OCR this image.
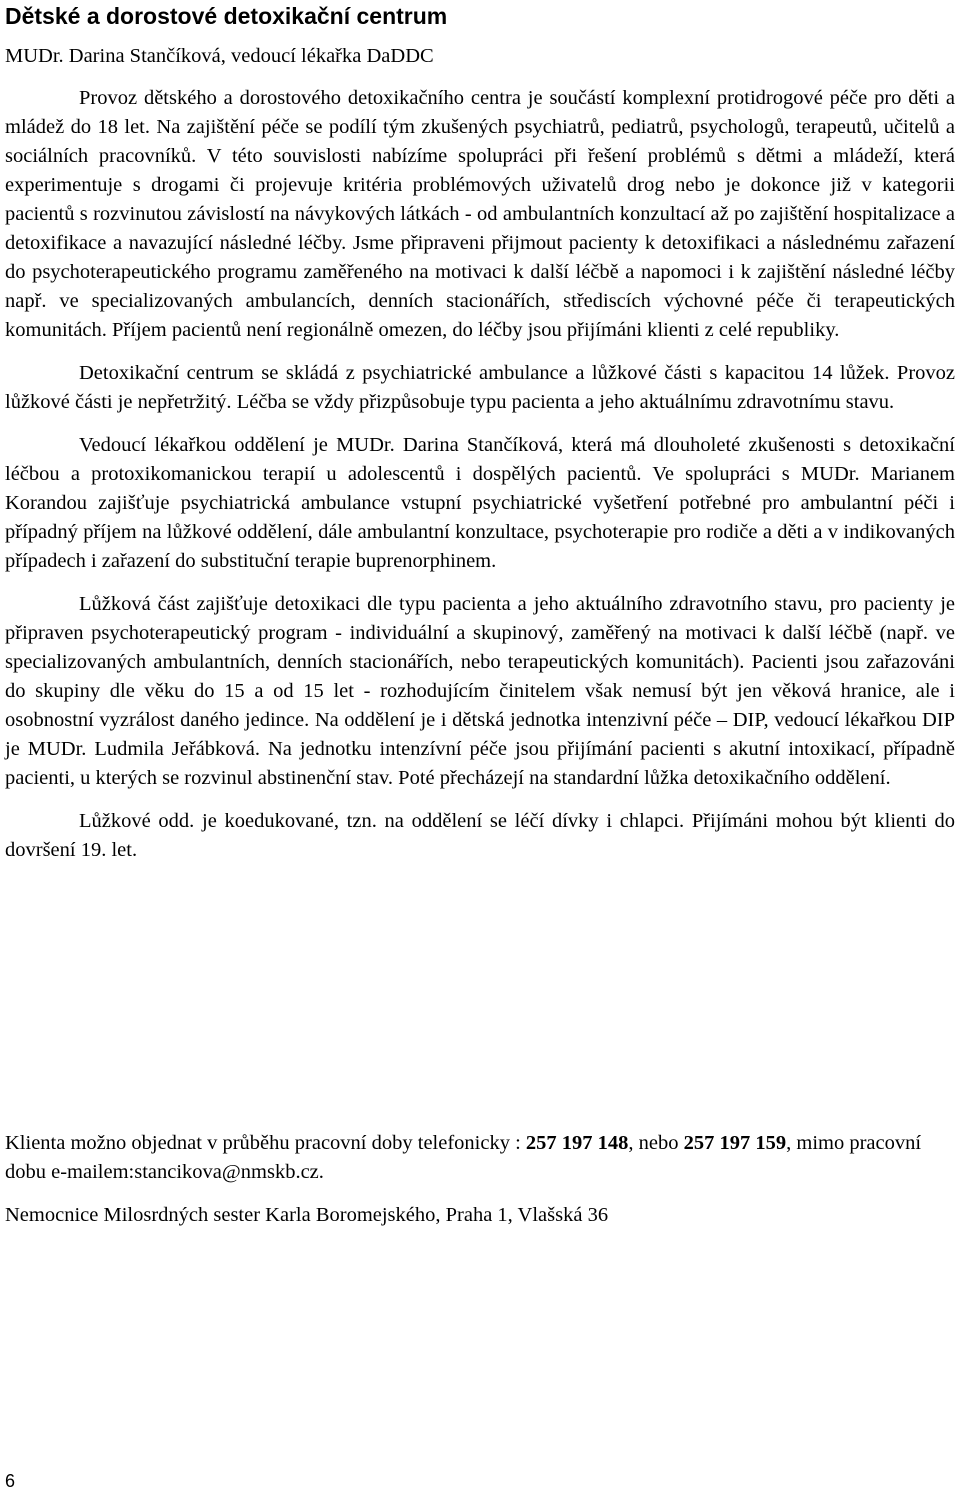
Dětské a dorostové detoxikační centrum

MUDr. Darina Stančíková, vedoucí lékařka DaDDC

Provoz dětského a dorostového detoxikačního centra je součástí komplexní protidrogové péče pro děti a mládež do 18 let. Na zajištění péče se podílí tým zkušených psychiatrů, pediatrů, psychologů, terapeutů, učitelů a sociálních pracovníků. V této souvislosti nabízíme spolupráci při řešení problémů s dětmi a mládeží, která experimentuje s drogami či projevuje kritéria problémových uživatelů drog nebo je dokonce již v kategorii pacientů s rozvinutou závislostí na návykových látkách - od ambulantních konzultací až po zajištění hospitalizace a detoxifikace a navazující následné léčby. Jsme připraveni přijmout pacienty k detoxifikaci a následnému zařazení do psychoterapeutického programu zaměřeného na motivaci k další léčbě a napomoci i k zajištění následné léčby např. ve specializovaných ambulancích, denních stacionářích, střediscích výchovné péče či terapeutických komunitách. Příjem pacientů není regionálně omezen, do léčby jsou přijímáni klienti z celé republiky.

Detoxikační centrum se skládá z psychiatrické ambulance a lůžkové části s kapacitou 14 lůžek. Provoz lůžkové části je nepřetržitý. Léčba se vždy přizpůsobuje typu pacienta a jeho aktuálnímu zdravotnímu stavu.

Vedoucí lékařkou oddělení je MUDr. Darina Stančíková, která má dlouholeté zkušenosti s detoxikační léčbou a protoxikomanickou terapií u adolescentů i dospělých pacientů. Ve spolupráci s MUDr. Marianem Korandou zajišťuje psychiatrická ambulance vstupní psychiatrické vyšetření potřebné pro ambulantní péči i případný příjem na lůžkové oddělení, dále ambulantní konzultace, psychoterapie pro rodiče a děti a v indikovaných případech i zařazení do substituční terapie buprenorphinem.

Lůžková část zajišťuje detoxikaci dle typu pacienta a jeho aktuálního zdravotního stavu, pro pacienty je připraven psychoterapeutický program - individuální a skupinový, zaměřený na motivaci k další léčbě (např. ve specializovaných ambulantních, denních stacionářích, nebo terapeutických komunitách). Pacienti jsou zařazováni do skupiny dle věku do 15 a od 15 let - rozhodujícím činitelem však nemusí být jen věková hranice, ale i osobnostní vyzrálost daného jedince. Na oddělení je i dětská jednotka intenzivní péče – DIP, vedoucí lékařkou DIP je MUDr. Ludmila Jeřábková. Na jednotku intenzívní péče jsou přijímání pacienti s akutní intoxikací, případně pacienti, u kterých se rozvinul abstinenční stav. Poté přecházejí na standardní lůžka detoxikačního oddělení.

Lůžkové odd. je koedukované, tzn. na oddělení se léčí dívky i chlapci. Přijímáni mohou být klienti do dovršení 19. let.

Klienta možno objednat v průběhu pracovní doby telefonicky : 257 197 148, nebo 257 197 159, mimo pracovní dobu e-mailem:stancikova@nmskb.cz.

Nemocnice Milosrdných sester Karla Boromejského, Praha 1, Vlašská 36

6
